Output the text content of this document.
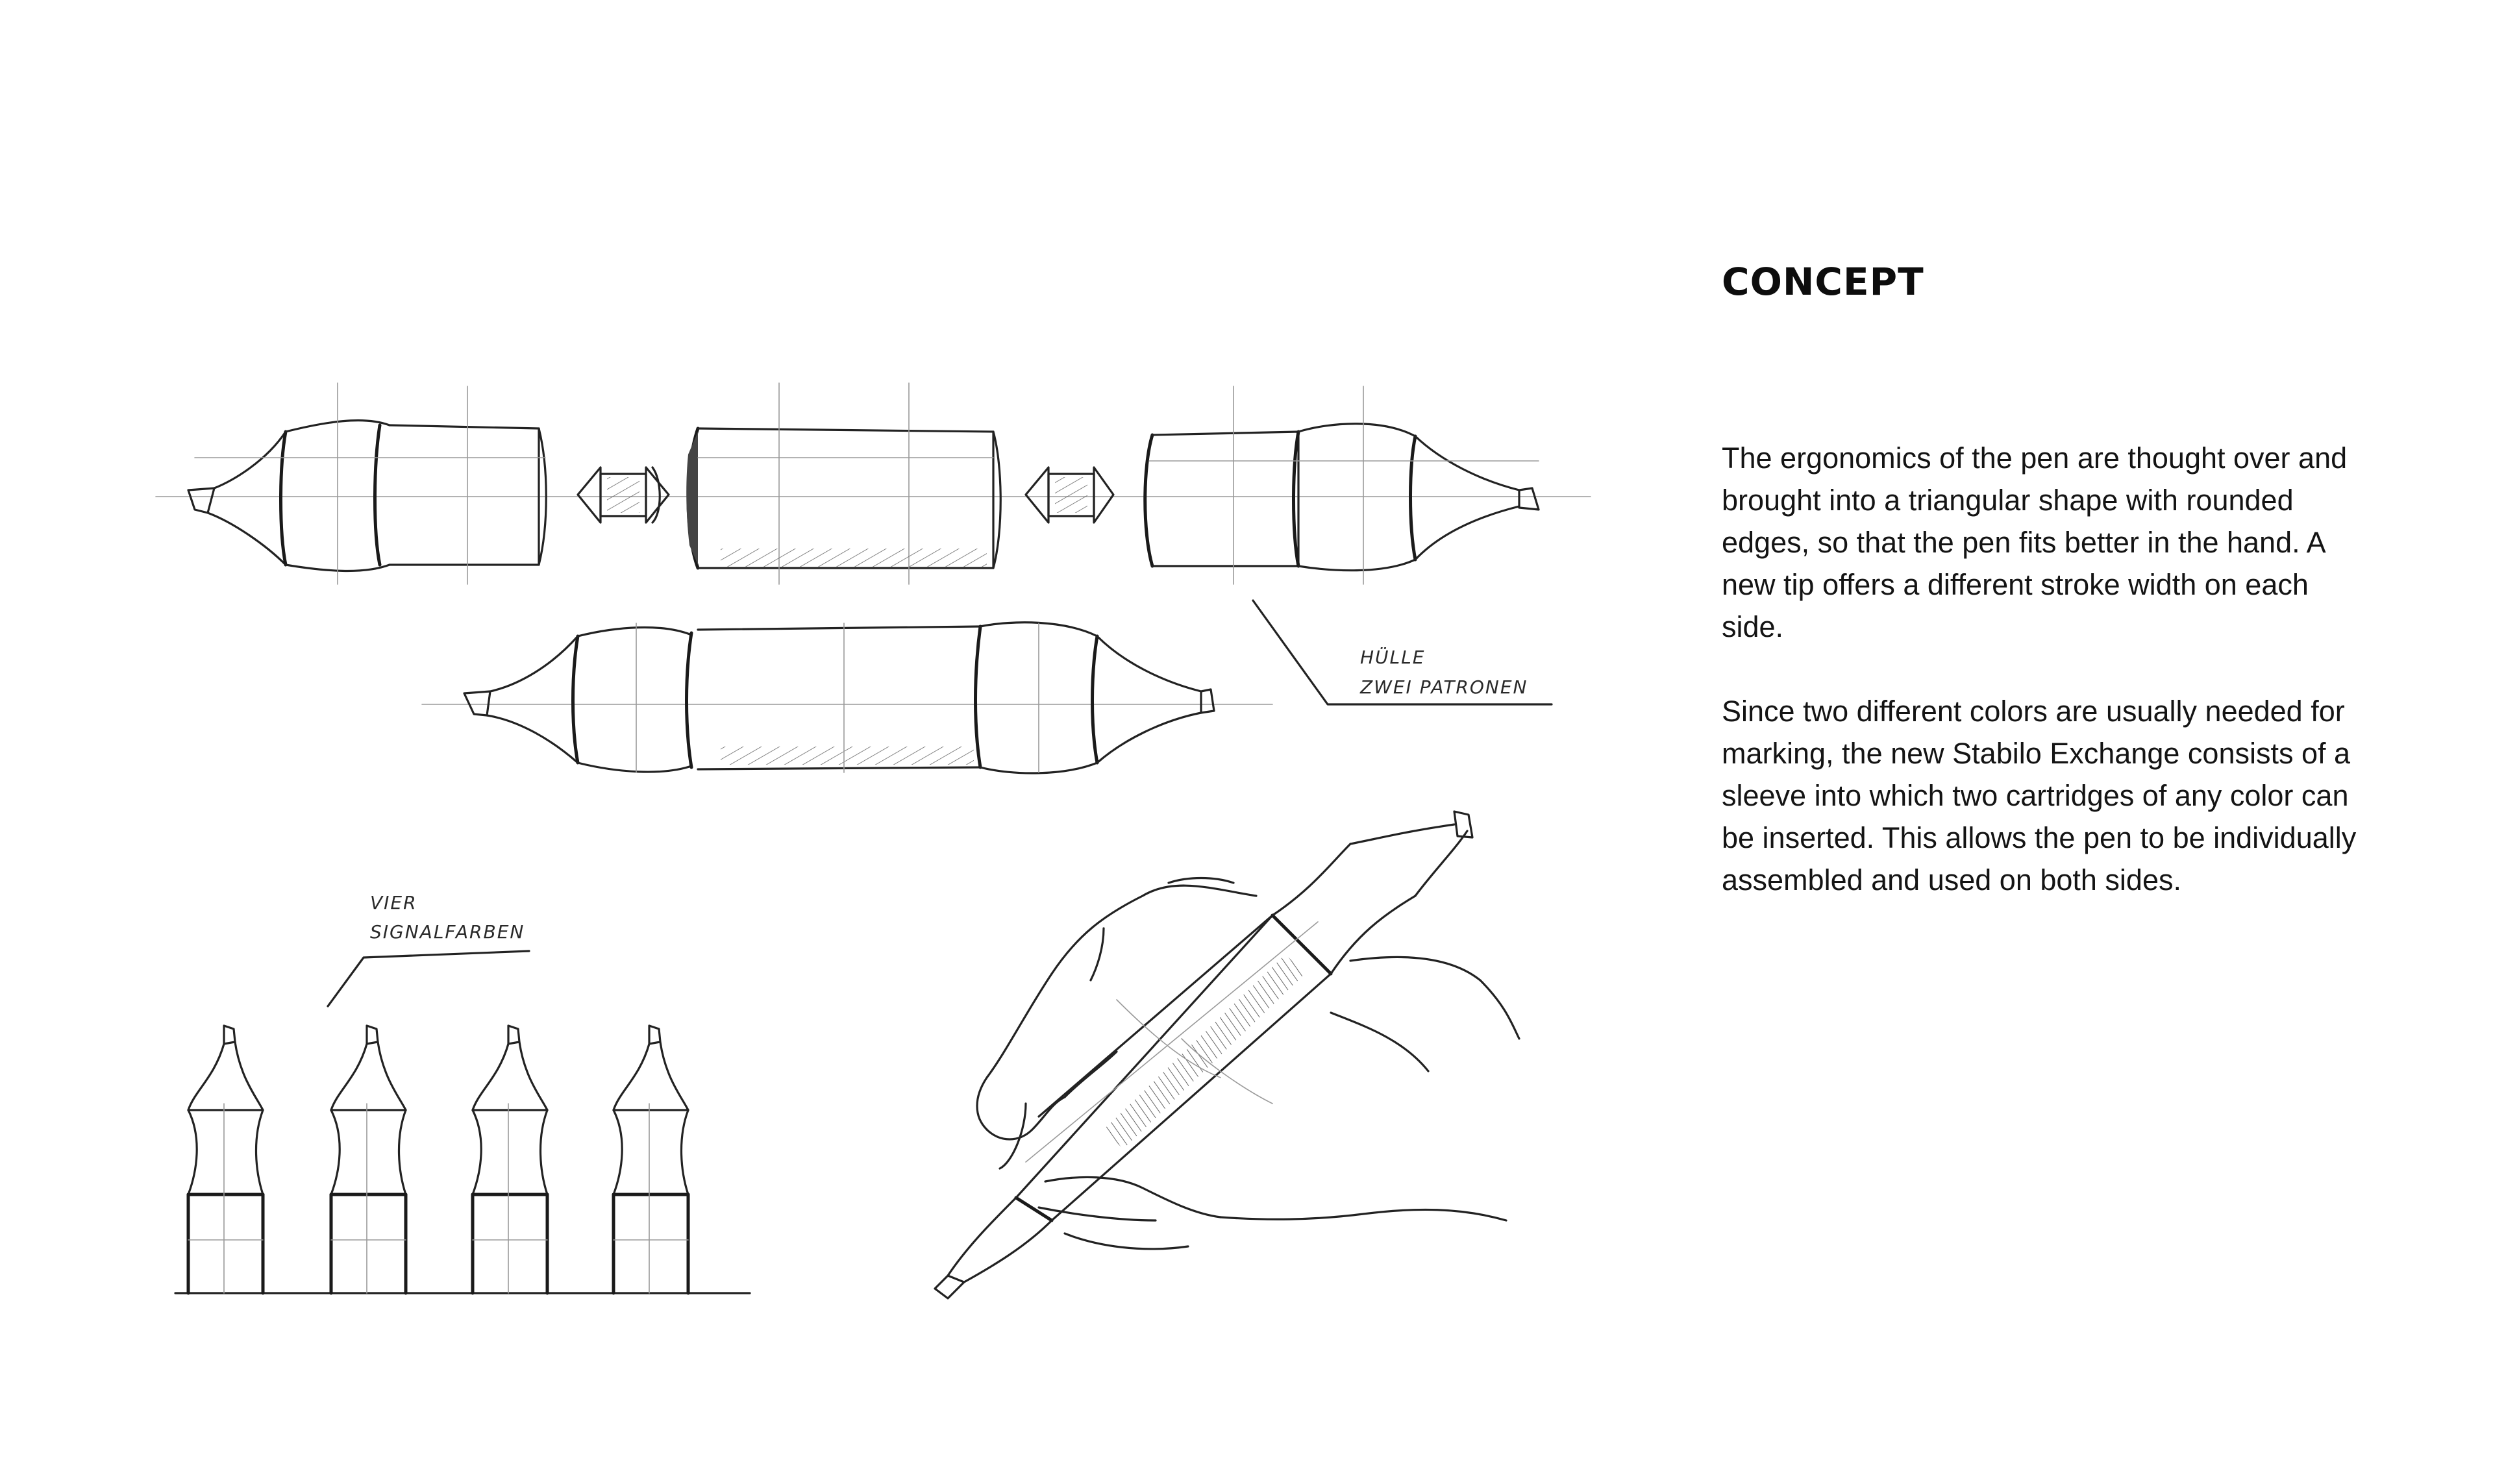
HÜLLE
ZWEI PATRONEN
VIER
SIGNALFARBEN
CONCEPT

The ergonomics of the pen are thought over and brought into a triangular shape with rounded edges, so that the pen fits better in the hand. A new tip offers a different stroke width on each side.

Since two different colors are usually needed for marking, the new Stabilo Exchange consists of a sleeve into which two cartridges of any color can be inserted. This allows the pen to be individually assembled and used on both sides.
